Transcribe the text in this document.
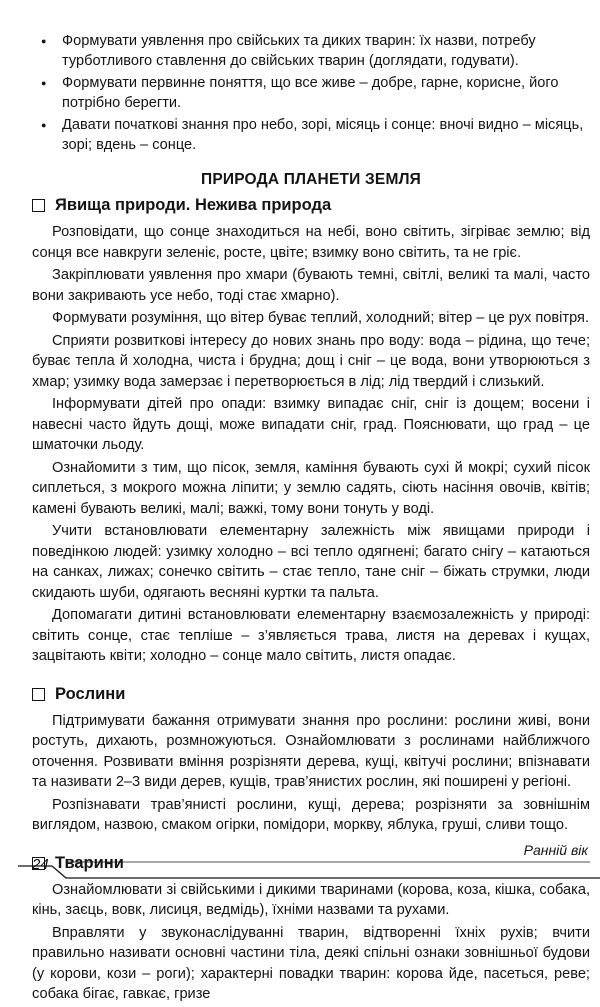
● Формувати уявлення про свійських та диких тварин: їх назви, потребу турботливого ставлення до свійських тварин (доглядати, годувати).
● Формувати первинне поняття, що все живе – добре, гарне, корисне, його потрібно берегти.
● Давати початкові знання про небо, зорі, місяць і сонце: вночі видно – місяць, зорі; вдень – сонце.
ПРИРОДА ПЛАНЕТИ ЗЕМЛЯ
Явища природи. Нежива природа

Розповідати, що сонце знаходиться на небі, воно світить, зігріває землю; від сонця все навкруги зеленіє, росте, цвіте; взимку воно світить, та не гріє.

Закріплювати уявлення про хмари (бувають темні, світлі, великі та малі, часто вони закривають усе небо, тоді стає хмарно).

Формувати розуміння, що вітер буває теплий, холодний; вітер – це рух повітря.

Сприяти розвиткові інтересу до нових знань про воду: вода – рідина, що тече; буває тепла й холодна, чиста і брудна; дощ і сніг – це вода, вони утворюються з хмар; узимку вода замерзає і перетворюється в лід; лід твердий і слизький.

Інформувати дітей про опади: взимку випадає сніг, сніг із дощем; восени і навесні часто йдуть дощі, може випадати сніг, град. Пояснювати, що град – це шматочки льоду.

Ознайомити з тим, що пісок, земля, каміння бувають сухі й мокрі; сухий пісок сиплеться, з мокрого можна ліпити; у землю садять, сіють насіння овочів, квітів; камені бувають великі, малі; важкі, тому вони тонуть у воді.

Учити встановлювати елементарну залежність між явищами природи і поведінкою людей: узимку холодно – всі тепло одягнені; багато снігу – катаються на санках, лижах; сонечко світить – стає тепло, тане сніг – біжать струмки, люди скидають шуби, одягають весняні куртки та пальта.

Допомагати дитині встановлювати елементарну взаємозалежність у природі: світить сонце, стає тепліше – з’являється трава, листя на деревах і кущах, зацвітають квіти; холодно – сонце мало світить, листя опадає.

Рослини

Підтримувати бажання отримувати знання про рослини: рослини живі, вони ростуть, дихають, розмножуються. Ознайомлювати з рослинами найближчого оточення. Розвивати вміння розрізняти дерева, кущі, квітучі рослини; впізнавати та називати 2–3 види дерев, кущів, трав’янистих рослин, які поширені у регіоні.

Розпізнавати трав’янисті рослини, кущі, дерева; розрізняти за зовнішнім виглядом, назвою, смаком огірки, помідори, моркву, яблука, груші, сливи тощо.

Тварини

Ознайомлювати зі свійськими і дикими тваринами (корова, коза, кішка, собака, кінь, заєць, вовк, лисиця, ведмідь), їхніми назвами та рухами.

Вправляти у звуконаслідуванні тварин, відтворенні їхніх рухів; вчити правильно називати основні частини тіла, деякі спільні ознаки зовнішньої будови (у корови, кози – роги); характерні повадки тварин: корова йде, пасеться, реве; собака бігає, гавкає, гризе

24
Ранній вік
